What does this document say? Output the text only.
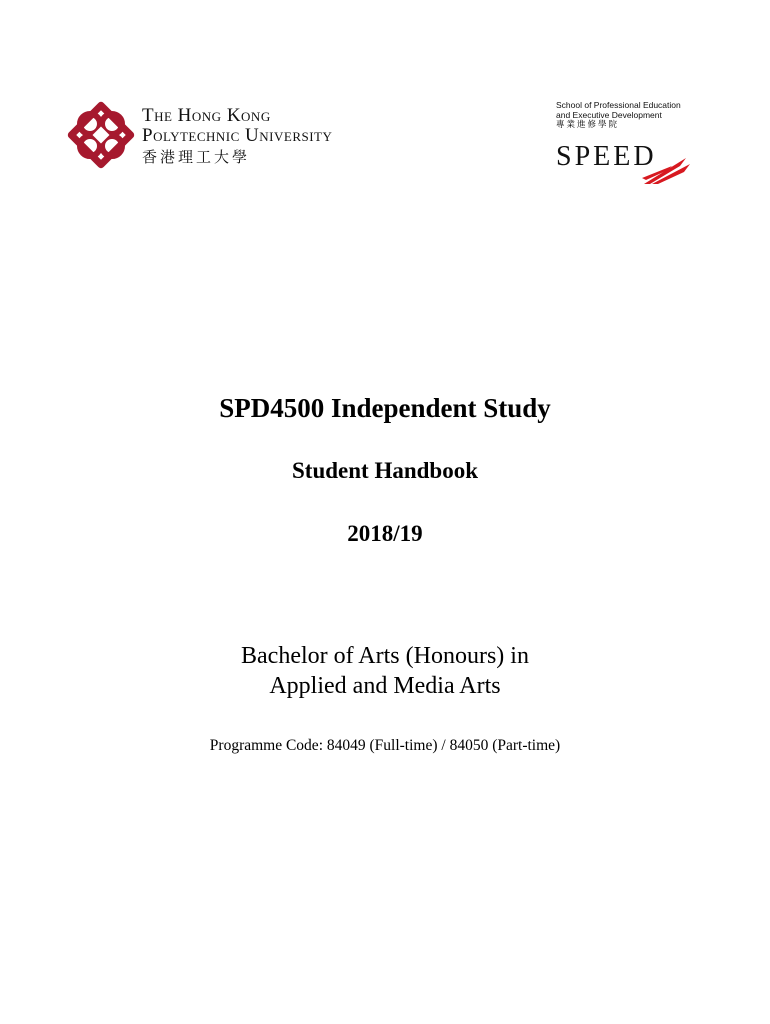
The Hong Kong
Polytechnic University
香港理工大學
School of Professional Education
and Executive Development
專業進修學院
SPEED
SPD4500 Independent Study
Student Handbook
2018/19
Bachelor of Arts (Honours) in
Applied and Media Arts
Programme Code: 84049 (Full-time) / 84050 (Part-time)
